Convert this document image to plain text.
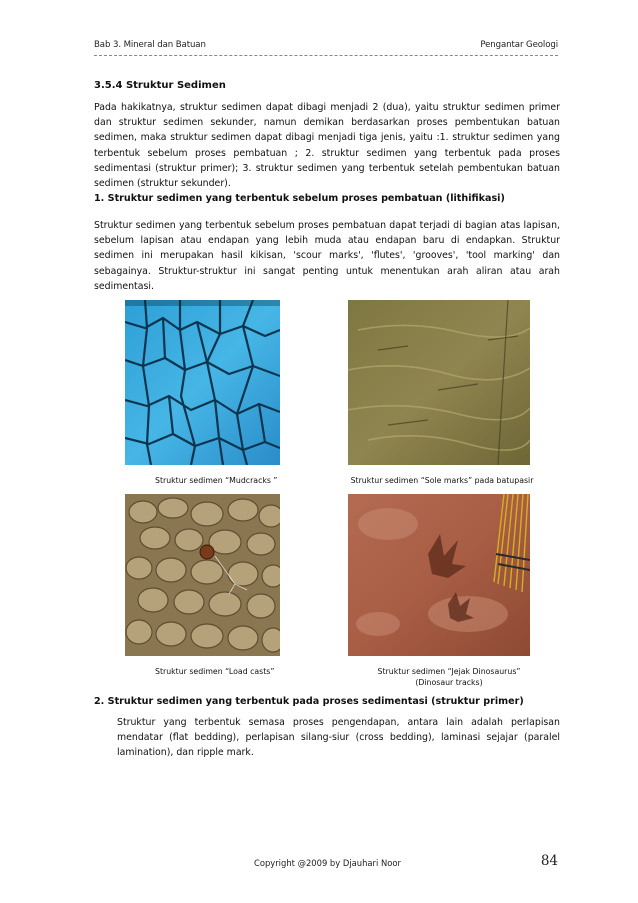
Bab 3. Mineral dan Batuan	Pengantar Geologi
3.5.4 Struktur Sedimen
Pada hakikatnya, struktur sedimen dapat dibagi menjadi 2 (dua), yaitu struktur sedimen primer dan struktur sedimen sekunder, namun demikan berdasarkan proses pembentukan batuan sedimen, maka struktur sedimen dapat dibagi menjadi tiga jenis, yaitu :1. struktur sedimen yang terbentuk sebelum proses pembatuan ; 2. struktur sedimen yang terbentuk pada proses sedimentasi (struktur primer); 3. struktur sedimen yang terbentuk setelah pembentukan batuan sedimen (struktur sekunder).
1. Struktur sedimen yang terbentuk sebelum proses pembatuan (lithifikasi)
Struktur sedimen yang terbentuk sebelum proses pembatuan dapat terjadi di bagian atas lapisan, sebelum lapisan atau endapan yang lebih muda atau endapan baru di endapkan. Struktur sedimen ini merupakan hasil kikisan, 'scour marks', 'flutes', 'grooves', 'tool marking' dan sebagainya. Struktur-struktur ini sangat penting untuk menentukan arah aliran atau arah sedimentasi.
Struktur sedimen “Mudcracks ”	Struktur sedimen “Sole marks” pada batupasir
Struktur sedimen “Load casts”	Struktur sedimen “Jejak Dinosaurus”
(Dinosaur tracks)
2. Struktur sedimen yang terbentuk pada proses sedimentasi (struktur primer)
Struktur yang terbentuk semasa proses pengendapan, antara lain adalah perlapisan mendatar (flat bedding), perlapisan silang-siur (cross bedding), laminasi sejajar (paralel lamination), dan ripple mark.
Copyright @2009 by Djauhari Noor	84
